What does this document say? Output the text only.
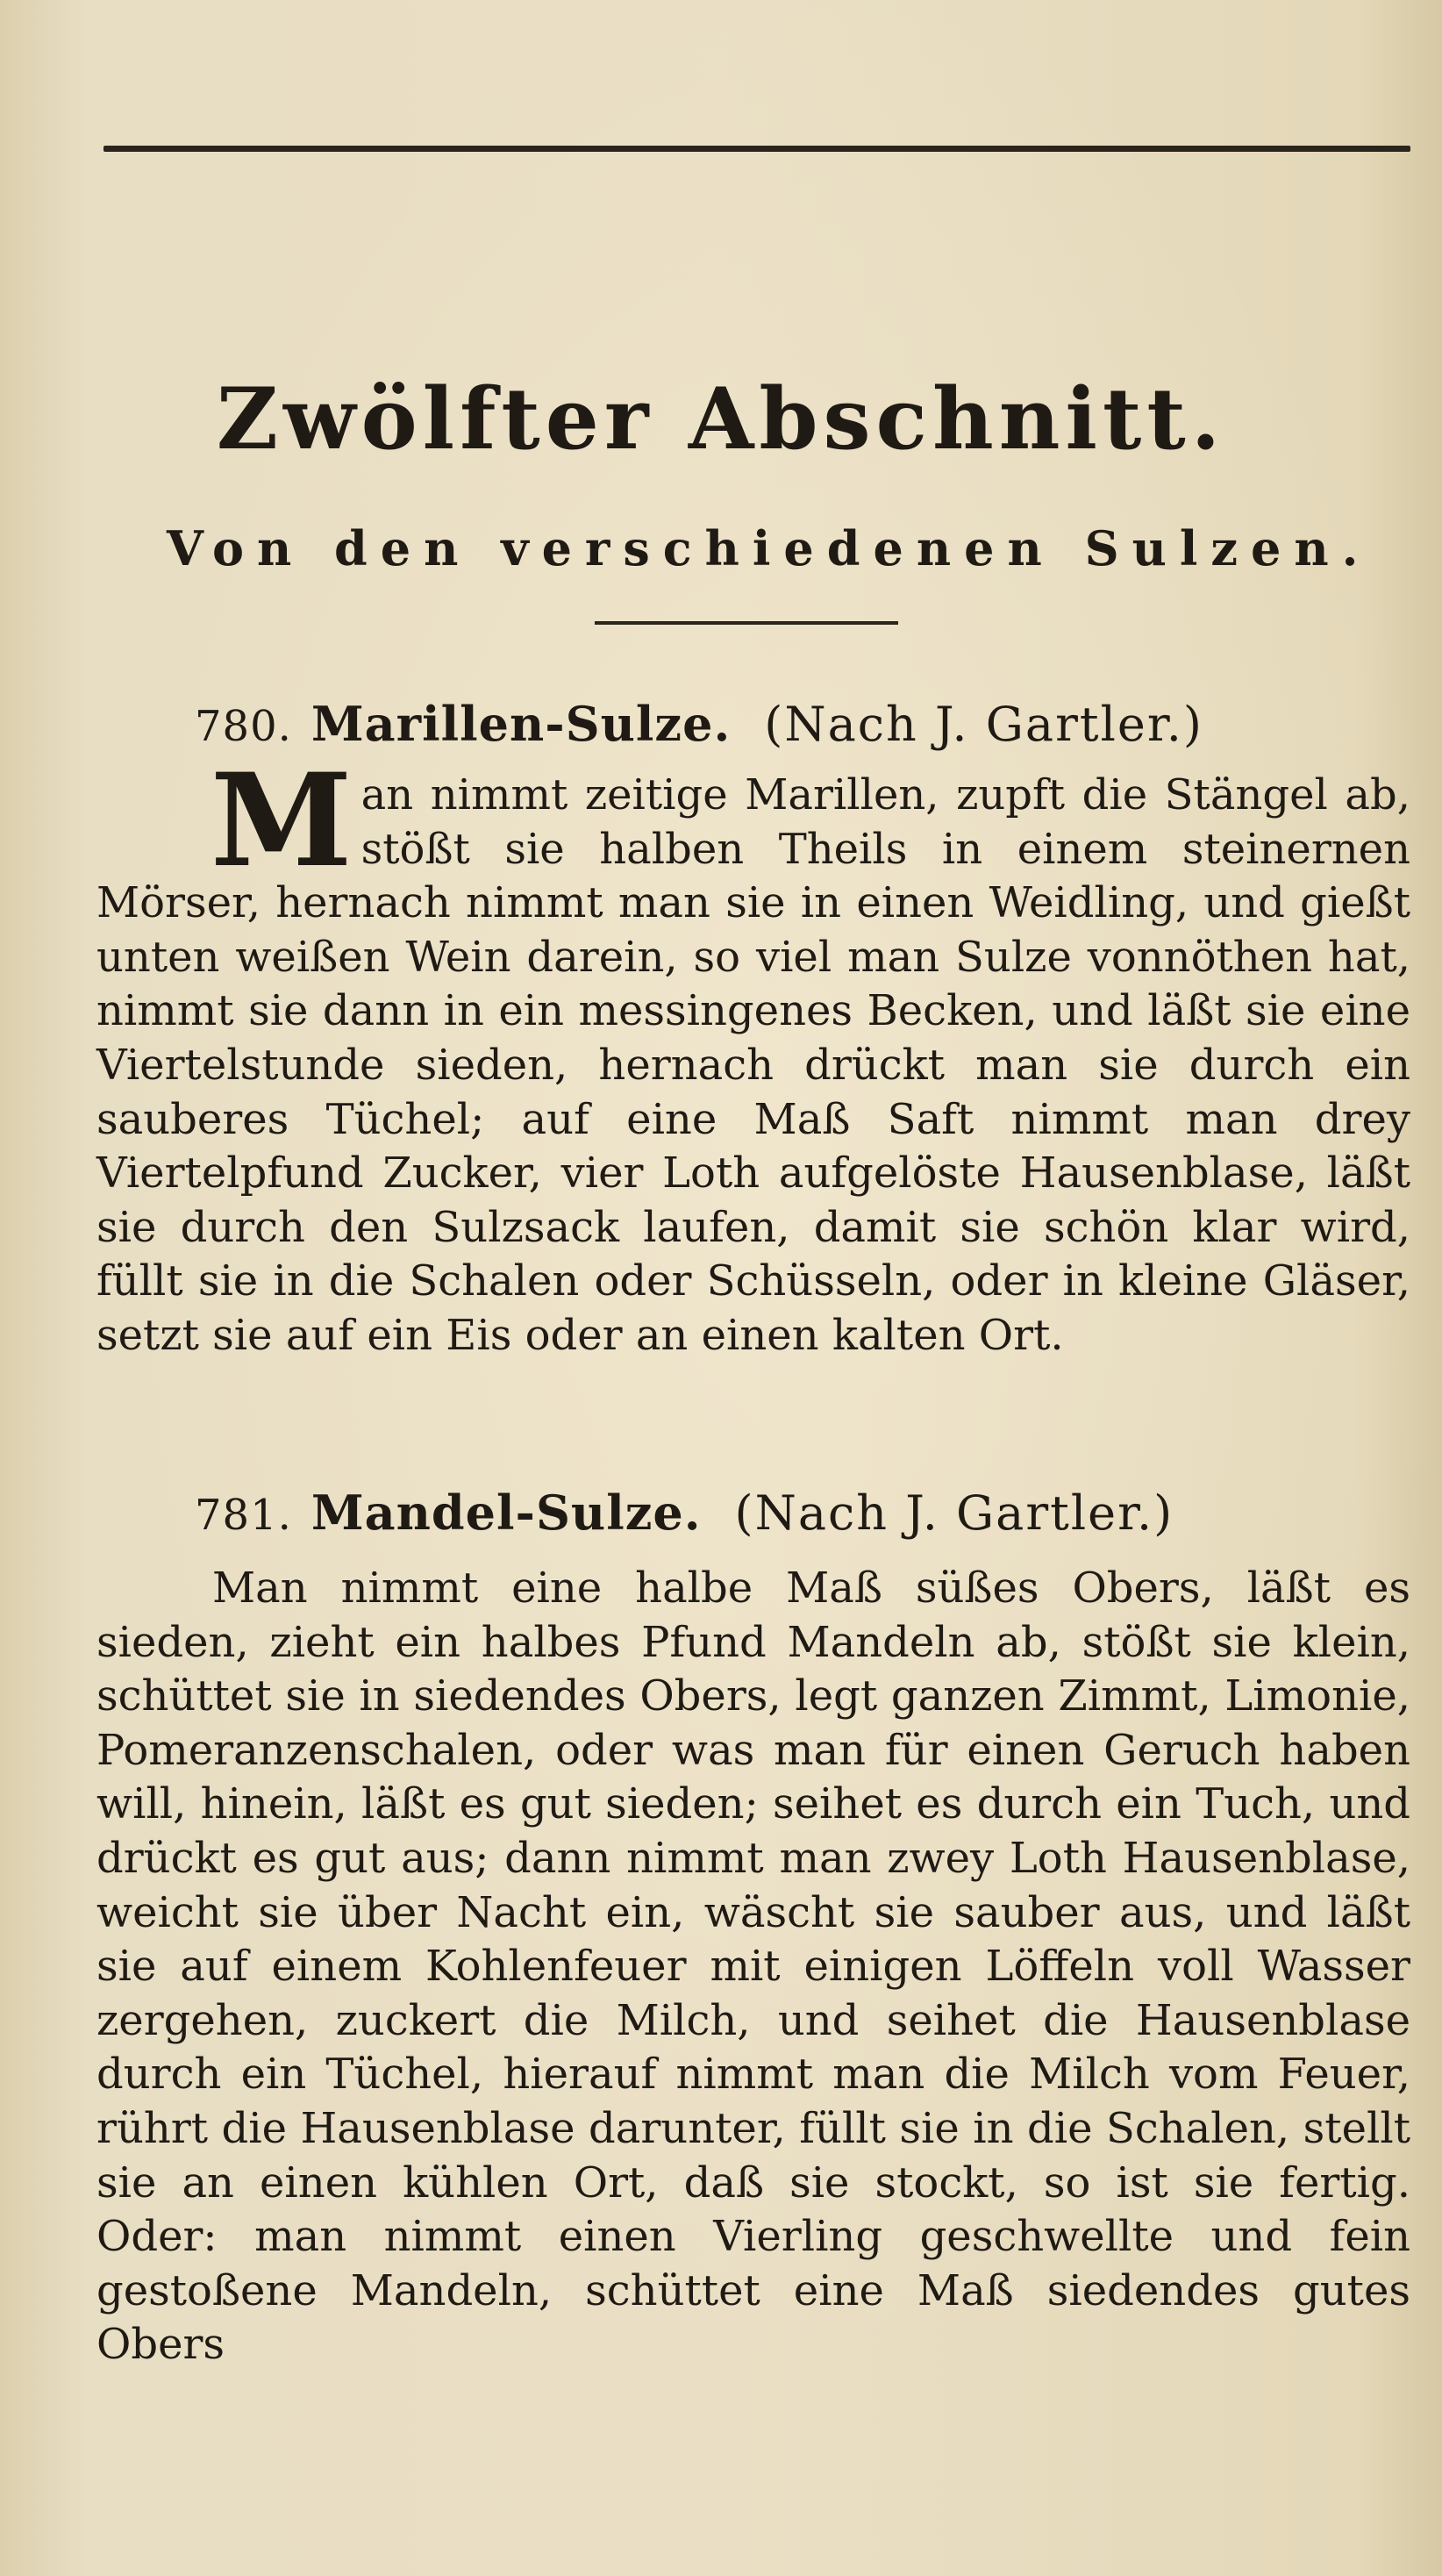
Zwölfter Abschnitt.
Von den verschiedenen Sulzen.
780. Marillen-Sulze. (Nach J. Gartler.)

Man nimmt zeitige Marillen, zupft die Stängel ab, stößt sie halben Theils in einem steinernen Mörser, hernach nimmt man sie in einen Weidling, und gießt unten weißen Wein darein, so viel man Sulze vonnöthen hat, nimmt sie dann in ein messingenes Becken, und läßt sie eine Viertelstunde sieden, hernach drückt man sie durch ein sauberes Tüchel; auf eine Maß Saft nimmt man drey Viertelpfund Zucker, vier Loth aufgelöste Hausenblase, läßt sie durch den Sulzsack laufen, damit sie schön klar wird, füllt sie in die Schalen oder Schüsseln, oder in kleine Gläser, setzt sie auf ein Eis oder an einen kalten Ort.

781. Mandel-Sulze. (Nach J. Gartler.)

Man nimmt eine halbe Maß süßes Obers, läßt es sieden, zieht ein halbes Pfund Mandeln ab, stößt sie klein, schüttet sie in siedendes Obers, legt ganzen Zimmt, Limonie, Pomeranzenschalen, oder was man für einen Geruch haben will, hinein, läßt es gut sieden; seihet es durch ein Tuch, und drückt es gut aus; dann nimmt man zwey Loth Hausenblase, weicht sie über Nacht ein, wäscht sie sauber aus, und läßt sie auf einem Kohlenfeuer mit einigen Löffeln voll Wasser zergehen, zuckert die Milch, und seihet die Hausenblase durch ein Tüchel, hierauf nimmt man die Milch vom Feuer, rührt die Hausenblase darunter, füllt sie in die Schalen, stellt sie an einen kühlen Ort, daß sie stockt, so ist sie fertig. Oder: man nimmt einen Vierling geschwellte und fein gestoßene Mandeln, schüttet eine Maß siedendes gutes Obers
